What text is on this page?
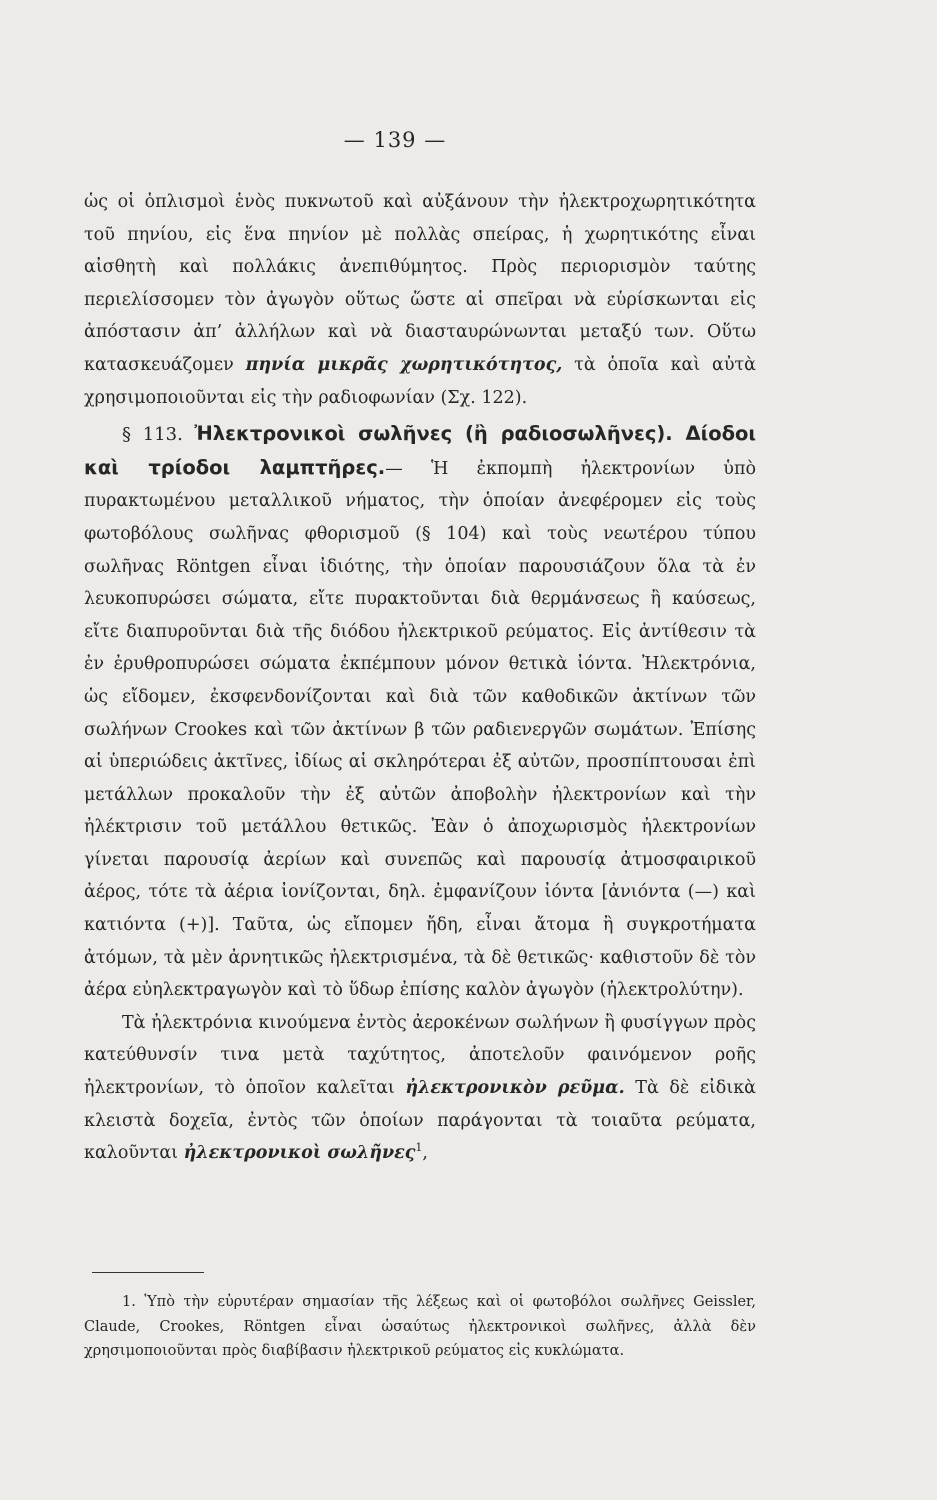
— 139 —

ὡς οἱ ὁπλισμοὶ ἑνὸς πυκνωτοῦ καὶ αὐξάνουν τὴν ἠλεκτροχωρητικότητα τοῦ πηνίου, εἰς ἕνα πηνίον μὲ πολλὰς σπείρας, ἡ χωρητικότης εἶναι αἰσθητὴ καὶ πολλάκις ἀνεπιθύμητος. Πρὸς περιορισμὸν ταύτης περιελίσσομεν τὸν ἀγωγὸν οὕτως ὥστε αἱ σπεῖραι νὰ εὑρίσκωνται εἰς ἀπόστασιν ἀπ’ ἀλλήλων καὶ νὰ διασταυρώνωνται μεταξύ των. Οὕτω κατασκευάζομεν πηνία μικρᾶς χωρητικότητος, τὰ ὁποῖα καὶ αὐτὰ χρησιμοποιοῦνται εἰς τὴν ραδιοφωνίαν (Σχ. 122).

§ 113. Ἠλεκτρονικοὶ σωλῆνες (ἢ ραδιοσωλῆνες). Δίοδοι καὶ τρίοδοι λαμπτῆρες.— Ἡ ἐκπομπὴ ἠλεκτρονίων ὑπὸ πυρακτωμένου μεταλλικοῦ νήματος, τὴν ὁποίαν ἀνεφέρομεν εἰς τοὺς φωτοβόλους σωλῆνας φθορισμοῦ (§ 104) καὶ τοὺς νεωτέρου τύπου σωλῆνας Röntgen εἶναι ἰδιότης, τὴν ὁποίαν παρουσιάζουν ὅλα τὰ ἐν λευκοπυρώσει σώματα, εἴτε πυρακτοῦνται διὰ θερμάνσεως ἢ καύσεως, εἴτε διαπυροῦνται διὰ τῆς διόδου ἠλεκτρικοῦ ρεύματος. Εἰς ἀντίθεσιν τὰ ἐν ἐρυθροπυρώσει σώματα ἐκπέμπουν μόνον θετικὰ ἰόντα. Ἠλεκτρόνια, ὡς εἴδομεν, ἐκσφενδονίζονται καὶ διὰ τῶν καθοδικῶν ἀκτίνων τῶν σωλήνων Crookes καὶ τῶν ἀκτίνων β τῶν ραδιενεργῶν σωμάτων. Ἐπίσης αἱ ὑπεριώδεις ἀκτῖνες, ἰδίως αἱ σκληρότεραι ἐξ αὐτῶν, προσπίπτουσαι ἐπὶ μετάλλων προκαλοῦν τὴν ἐξ αὐτῶν ἀποβολὴν ἠλεκτρονίων καὶ τὴν ἠλέκτρισιν τοῦ μετάλλου θετικῶς. Ἐὰν ὁ ἀποχωρισμὸς ἠλεκτρονίων γίνεται παρουσίᾳ ἀερίων καὶ συνεπῶς καὶ παρουσίᾳ ἀτμοσφαιρικοῦ ἀέρος, τότε τὰ ἀέρια ἰονίζονται, δηλ. ἐμφανίζουν ἰόντα [ἀνιόντα (—) καὶ κατιόντα (+)]. Ταῦτα, ὡς εἴπομεν ἤδη, εἶναι ἄτομα ἢ συγκροτήματα ἀτόμων, τὰ μὲν ἀρνητικῶς ἠλεκτρισμένα, τὰ δὲ θετικῶς· καθιστοῦν δὲ τὸν ἀέρα εὐηλεκτραγωγὸν καὶ τὸ ὕδωρ ἐπίσης καλὸν ἀγωγὸν (ἠλεκτρολύτην).

Τὰ ἠλεκτρόνια κινούμενα ἐντὸς ἀεροκένων σωλήνων ἢ φυσίγγων πρὸς κατεύθυνσίν τινα μετὰ ταχύτητος, ἀποτελοῦν φαινόμενον ροῆς ἠλεκτρονίων, τὸ ὁποῖον καλεῖται ἠλεκτρονικὸν ρεῦμα. Τὰ δὲ εἰδικὰ κλειστὰ δοχεῖα, ἐντὸς τῶν ὁποίων παράγονται τὰ τοιαῦτα ρεύματα, καλοῦνται ἠλεκτρονικοὶ σωλῆνες$^1$,

1. Ὑπὸ τὴν εὐρυτέραν σημασίαν τῆς λέξεως καὶ οἱ φωτοβόλοι σωλῆνες Geissler, Claude, Crookes, Röntgen εἶναι ὡσαύτως ἠλεκτρονικοὶ σωλῆνες, ἀλλὰ δὲν χρησιμοποιοῦνται πρὸς διαβίβασιν ἠλεκτρικοῦ ρεύματος εἰς κυκλώματα.
